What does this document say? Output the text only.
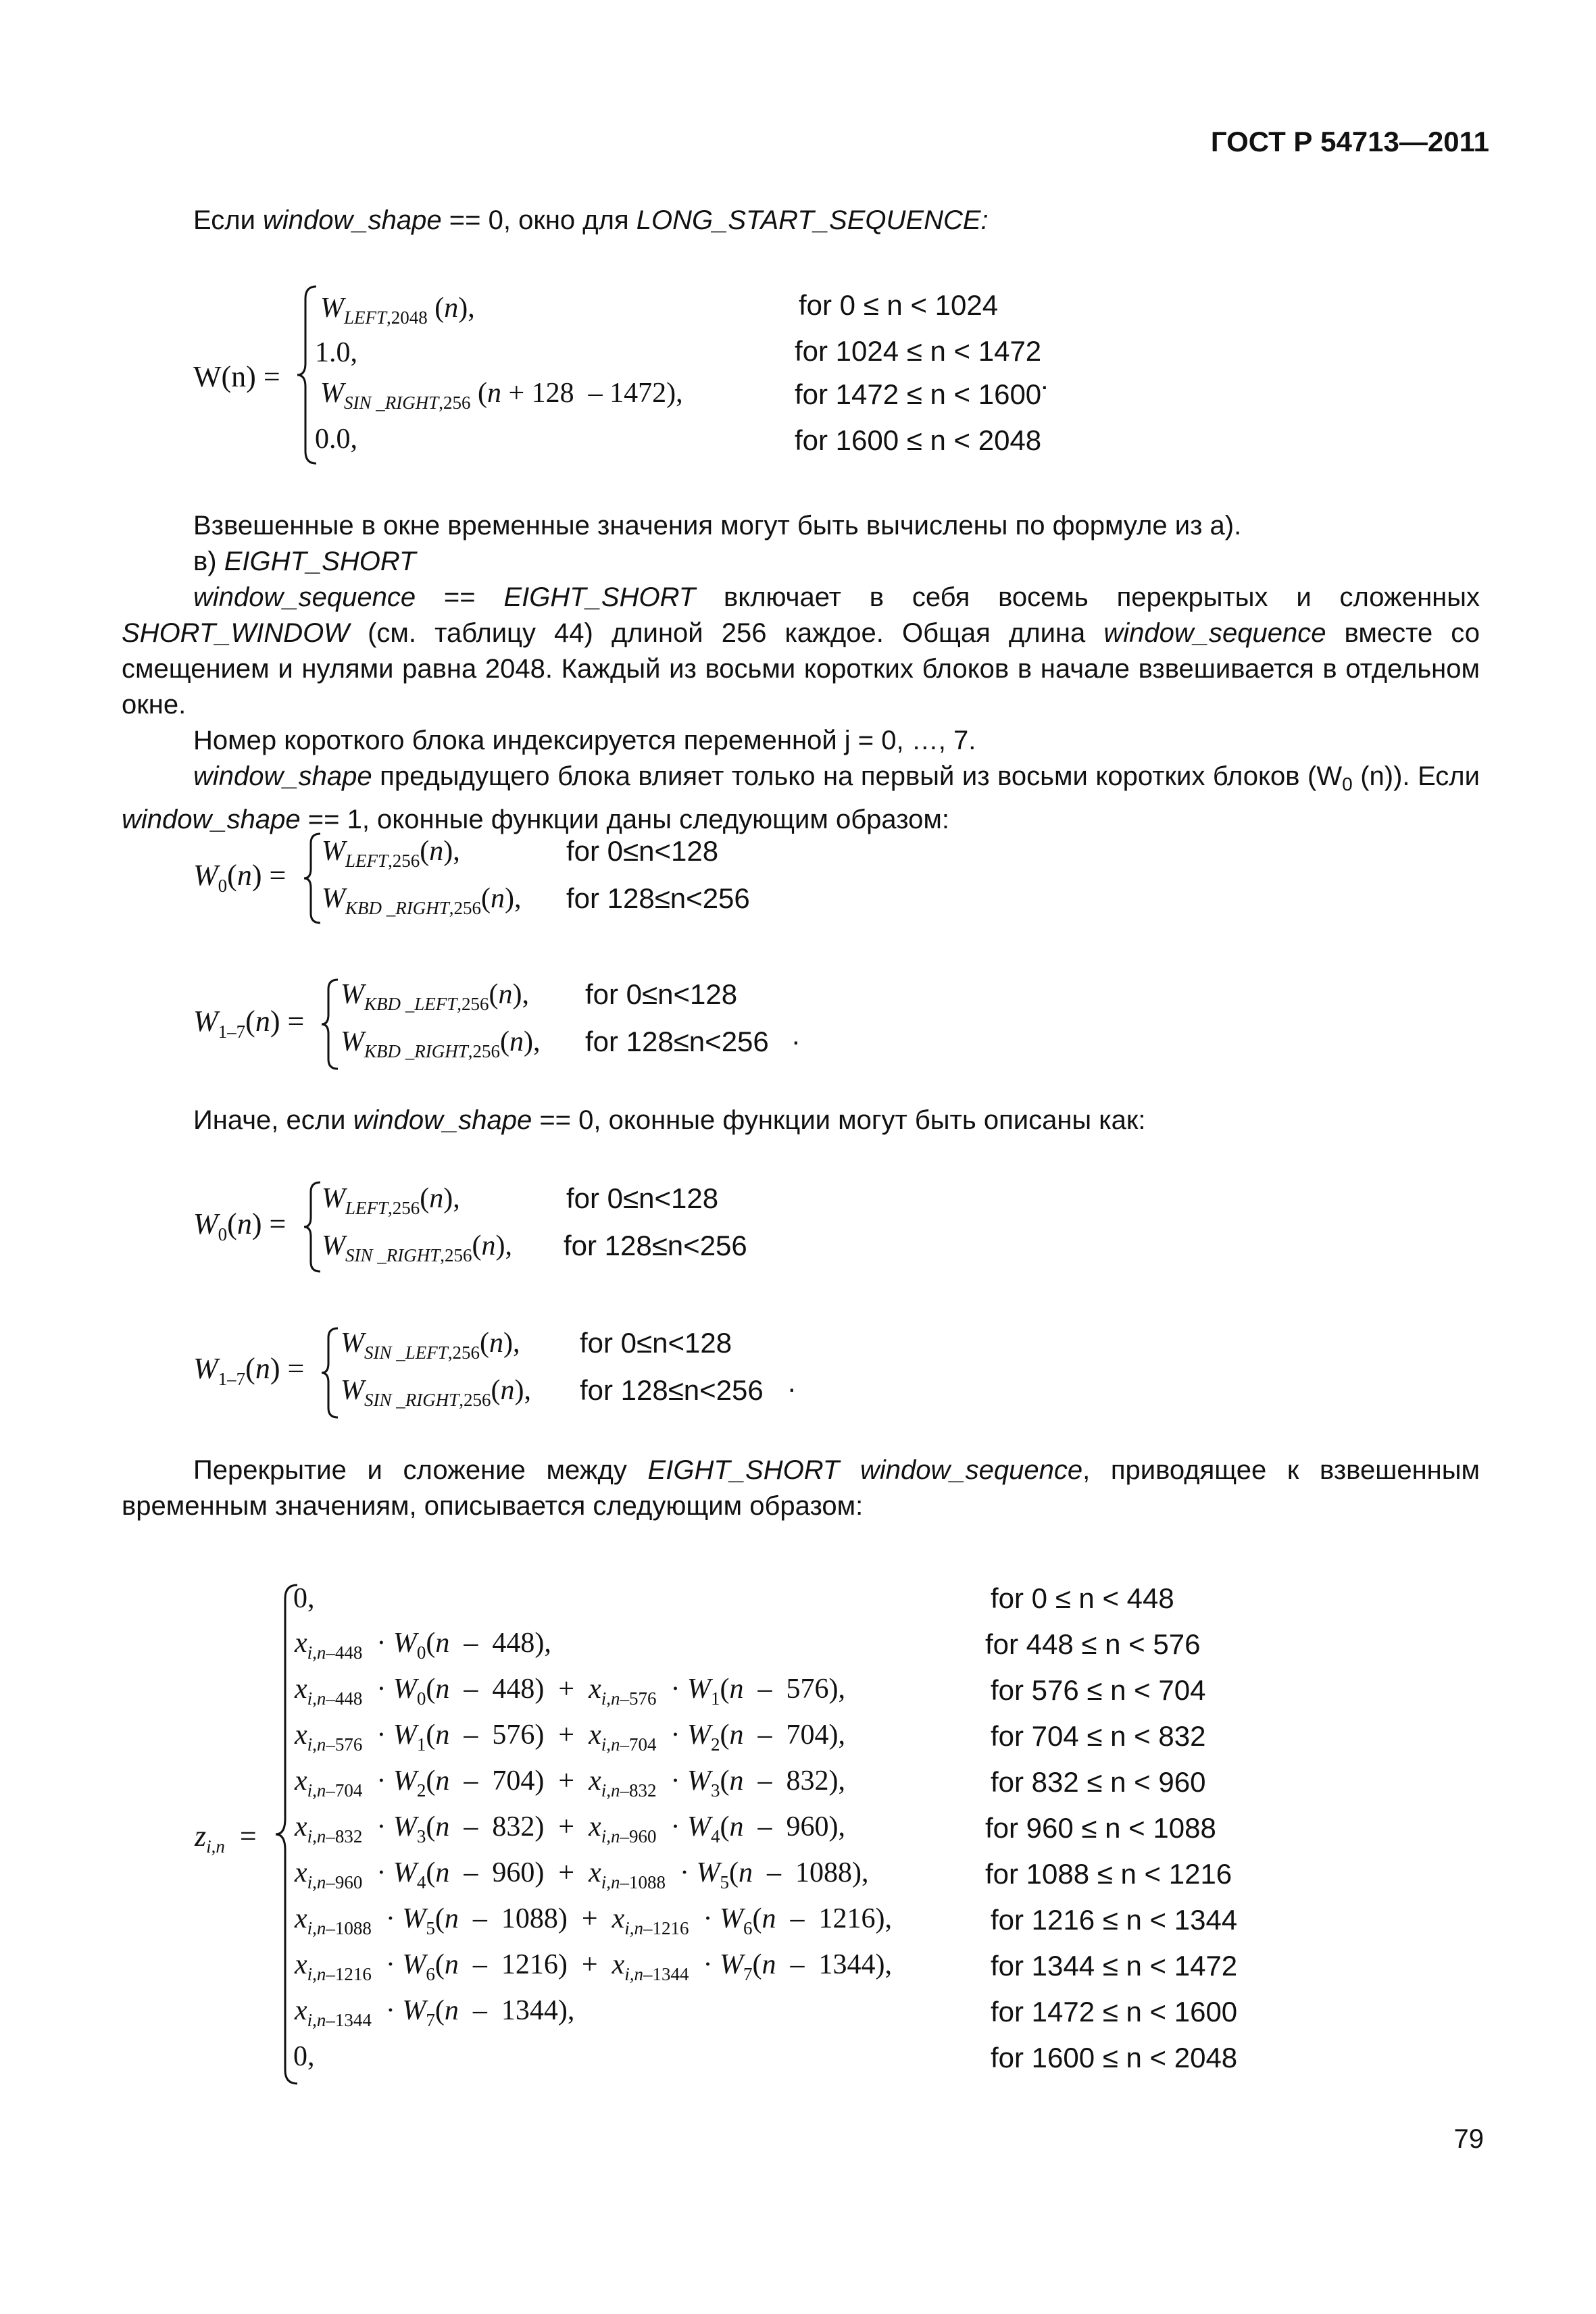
ГОСТ Р 54713—2011
Если window_shape == 0, окно для LONG_START_SEQUENCE:
W(n) =
$W_{LEFT,2048}$ (n),
1.0,
$W_{SIN \_RIGHT,256}$ (n + 128  – 1472),
0.0,
for 0 ≤ n < 1024
for 1024 ≤ n < 1472
for 1472 ≤ n < 1600
for 1600 ≤ n < 2048
.

Взвешенные в окне временные значения могут быть вычислены по формуле из а).

в) EIGHT_SHORT

window_sequence == EIGHT_SHORT включает в себя восемь перекрытых и сложенных SHORT_WINDOW (см. таблицу 44) длиной 256 каждое. Общая длина window_sequence вместе со смещением и нулями равна 2048. Каждый из восьми коротких блоков в начале взвешивается в отдельном окне.

Номер короткого блока индексируется переменной j = 0, …, 7.

window_shape предыдущего блока влияет только на первый из восьми коротких блоков ($W_0$ (n)). Если window_shape == 1, оконные функции даны следующим образом:

$W_0(n)$ =
$W_{LEFT,256}(n)$,
$W_{KBD \_RIGHT,256}(n)$,
for 0≤n<128
for 128≤n<256
$W_{1-7}(n)$ =
$W_{KBD \_LEFT,256}(n)$,
$W_{KBD \_RIGHT,256}(n)$,
for 0≤n<128
for 128≤n<256 .
Иначе, если window_shape == 0, оконные функции могут быть описаны как:
$W_0(n)$ =
$W_{LEFT,256}(n)$,
$W_{SIN \_RIGHT,256}(n)$,
for 0≤n<128
for 128≤n<256
$W_{1-7}(n)$ =
$W_{SIN \_LEFT,256}(n)$,
$W_{SIN \_RIGHT,256}(n)$,
for 0≤n<128
for 128≤n<256 .

Перекрытие и сложение между EIGHT_SHORT window_sequence, приводящее к взвешенным временным значениям, описывается следующим образом:

$z_{i,n}$  =
0,
$x_{i,n-448} \cdot W_0(n - 448)$,
$x_{i,n-448} \cdot W_0(n - 448) + x_{i,n-576} \cdot W_1(n - 576)$,
$x_{i,n-576} \cdot W_1(n - 576) + x_{i,n-704} \cdot W_2(n - 704)$,
$x_{i,n-704} \cdot W_2(n - 704) + x_{i,n-832} \cdot W_3(n - 832)$,
$x_{i,n-832} \cdot W_3(n - 832) + x_{i,n-960} \cdot W_4(n - 960)$,
$x_{i,n-960} \cdot W_4(n - 960) + x_{i,n-1088} \cdot W_5(n - 1088)$,
$x_{i,n-1088} \cdot W_5(n - 1088) + x_{i,n-1216} \cdot W_6(n - 1216)$,
$x_{i,n-1216} \cdot W_6(n - 1216) + x_{i,n-1344} \cdot W_7(n - 1344)$,
$x_{i,n-1344} \cdot W_7(n - 1344)$,
0,
for 0 ≤ n < 448
for 448 ≤ n < 576
for 576 ≤ n < 704
for 704 ≤ n < 832
for 832 ≤ n < 960
for 960 ≤ n < 1088
for 1088 ≤ n < 1216
for 1216 ≤ n < 1344
for 1344 ≤ n < 1472
for 1472 ≤ n < 1600
for 1600 ≤ n < 2048
79
